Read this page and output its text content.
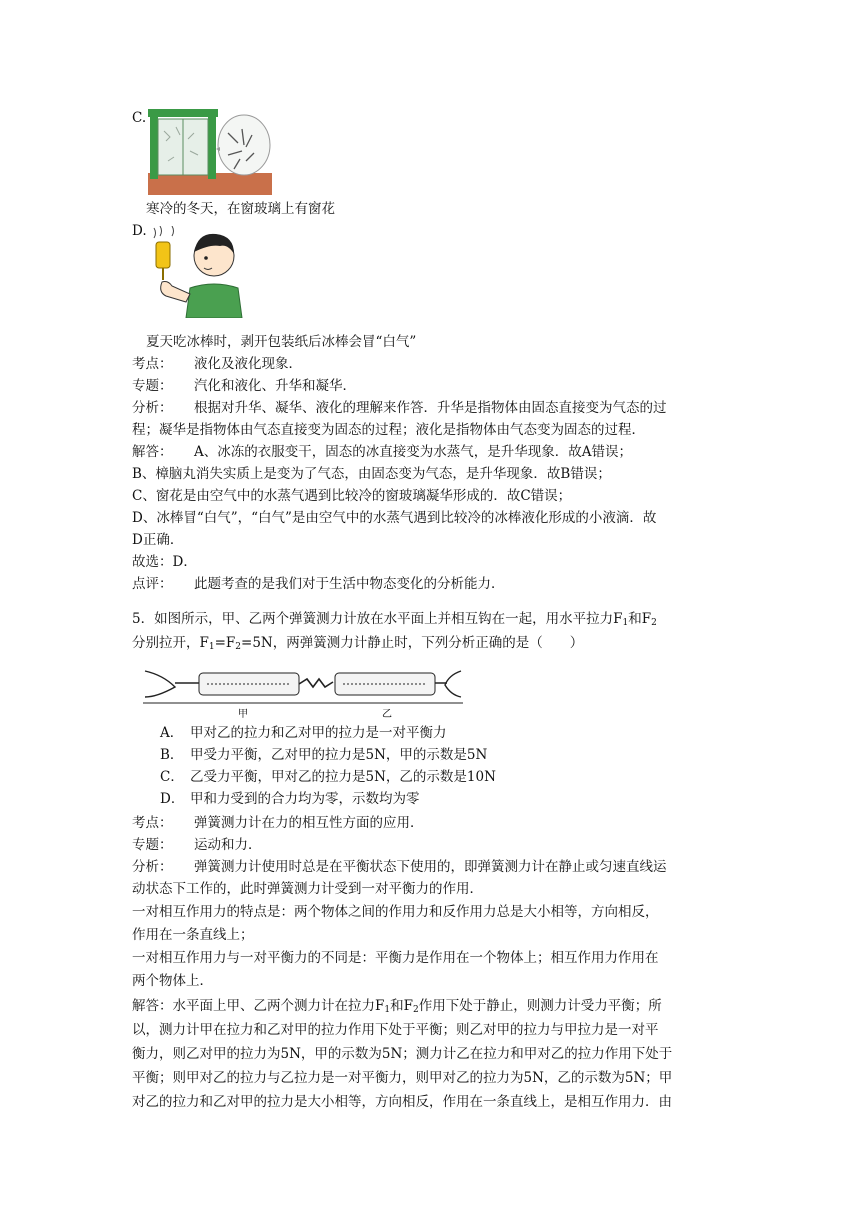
C.
寒冷的冬天，在窗玻璃上有窗花
D.
夏天吃冰棒时，剥开包装纸后冰棒会冒“白气”
考点： 液化及液化现象．
专题： 汽化和液化、升华和凝华．
分析： 根据对升华、凝华、液化的理解来作答．升华是指物体由固态直接变为气态的过
程；凝华是指物体由气态直接变为固态的过程；液化是指物体由气态变为固态的过程．
解答： A、冰冻的衣服变干，固态的冰直接变为水蒸气，是升华现象．故A错误；
B、樟脑丸消失实质上是变为了气态，由固态变为气态，是升华现象．故B错误；
C、窗花是由空气中的水蒸气遇到比较冷的窗玻璃凝华形成的．故C错误；
D、冰棒冒“白气”，“白气”是由空气中的水蒸气遇到比较冷的冰棒液化形成的小液滴．故
D正确．
故选：D．
点评： 此题考查的是我们对于生活中物态变化的分析能力．
5．如图所示，甲、乙两个弹簧测力计放在水平面上并相互钩在一起，用水平拉力$F_1$和$F_2$
分别拉开，$F_1=F_2=5N$，两弹簧测力计静止时，下列分析正确的是（　　）
甲	乙
A． 甲对乙的拉力和乙对甲的拉力是一对平衡力
B． 甲受力平衡，乙对甲的拉力是5N，甲的示数是5N
C． 乙受力平衡，甲对乙的拉力是5N，乙的示数是10N
D． 甲和力受到的合力均为零，示数均为零
考点： 弹簧测力计在力的相互性方面的应用．
专题： 运动和力．
分析： 弹簧测力计使用时总是在平衡状态下使用的，即弹簧测力计在静止或匀速直线运
动状态下工作的，此时弹簧测力计受到一对平衡力的作用．
一对相互作用力的特点是：两个物体之间的作用力和反作用力总是大小相等，方向相反，
作用在一条直线上；
一对相互作用力与一对平衡力的不同是：平衡力是作用在一个物体上；相互作用力作用在
两个物体上．
解答：水平面上甲、乙两个测力计在拉力$F_1$和$F_2$作用下处于静止，则测力计受力平衡；所
以，测力计甲在拉力和乙对甲的拉力作用下处于平衡；则乙对甲的拉力与甲拉力是一对平
衡力，则乙对甲的拉力为5N，甲的示数为5N；测力计乙在拉力和甲对乙的拉力作用下处于
平衡；则甲对乙的拉力与乙拉力是一对平衡力，则甲对乙的拉力为5N，乙的示数为5N；甲
对乙的拉力和乙对甲的拉力是大小相等，方向相反，作用在一条直线上，是相互作用力．由
